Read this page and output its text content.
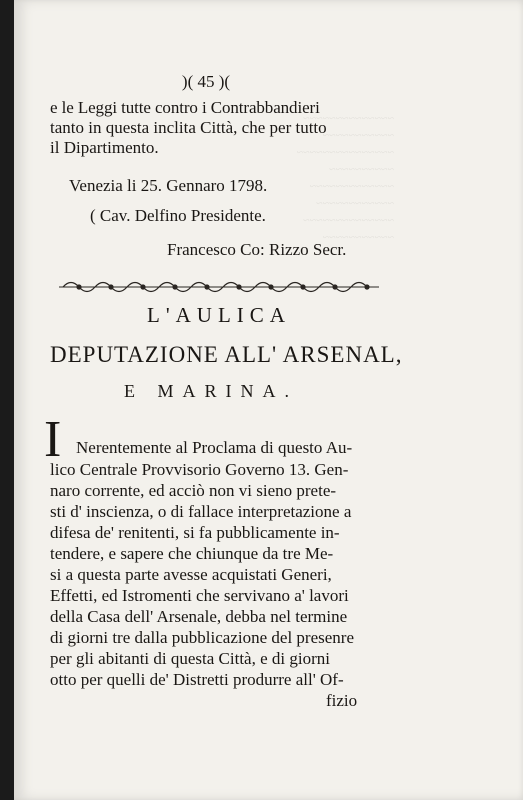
~~~~~~~~~~~~~~
~~~~~~~~~~~
~~~~~~~~~~~~~~~
~~~~~~~~~~
~~~~~~~~~~~~~
~~~~~~~~~~~~
~~~~~~~~~~~~~~
~~~~~~~~~~~
)( 45 )(
e le Leggi tutte contro i Contrabbandieri
tanto in questa inclita Città, che per tutto
il Dipartimento.
Venezia li 25. Gennaro 1798.
( Cav. Delfino Presidente.
Francesco Co: Rizzo Secr.
L'AULICA
DEPUTAZIONE ALL' ARSENAL,
E MARINA.
I Nerentemente al Proclama di questo Au-
lico Centrale Provvisorio Governo 13. Gen-
naro corrente, ed acciò non vi sieno prete-
sti d' inscienza, o di fallace interpretazione a
difesa de' renitenti, si fa pubblicamente in-
tendere, e sapere che chiunque da tre Me-
si a questa parte avesse acquistati Generi,
Effetti, ed Istromenti che servivano a' lavori
della Casa dell' Arsenale, debba nel termine
di giorni tre dalla pubblicazione del presenre
per gli abitanti di questa Città, e di giorni
otto per quelli de' Distretti produrre all' Of-
fizio
